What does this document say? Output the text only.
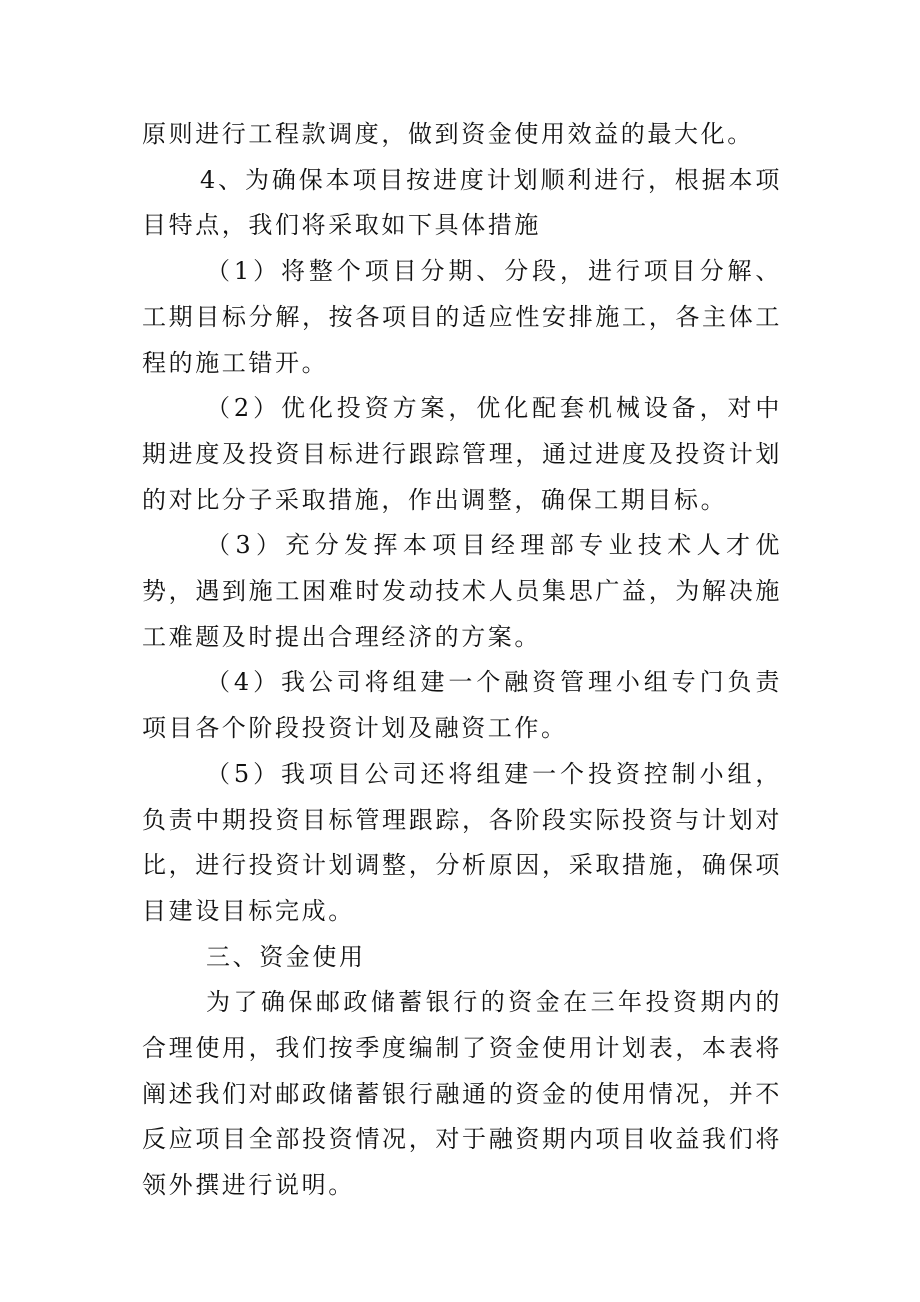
原则进行工程款调度，做到资金使用效益的最大化。

4、为确保本项目按进度计划顺利进行，根据本项目特点，我们将采取如下具体措施

（1）将整个项目分期、分段，进行项目分解、工期目标分解，按各项目的适应性安排施工，各主体工程的施工错开。

（2）优化投资方案，优化配套机械设备，对中期进度及投资目标进行跟踪管理，通过进度及投资计划的对比分子采取措施，作出调整，确保工期目标。

（3）充分发挥本项目经理部专业技术人才优势，遇到施工困难时发动技术人员集思广益，为解决施工难题及时提出合理经济的方案。

（4）我公司将组建一个融资管理小组专门负责项目各个阶段投资计划及融资工作。

（5）我项目公司还将组建一个投资控制小组，负责中期投资目标管理跟踪，各阶段实际投资与计划对比，进行投资计划调整，分析原因，采取措施，确保项目建设目标完成。

三、资金使用

为了确保邮政储蓄银行的资金在三年投资期内的合理使用，我们按季度编制了资金使用计划表，本表将阐述我们对邮政储蓄银行融通的资金的使用情况，并不反应项目全部投资情况，对于融资期内项目收益我们将领外撰进行说明。
